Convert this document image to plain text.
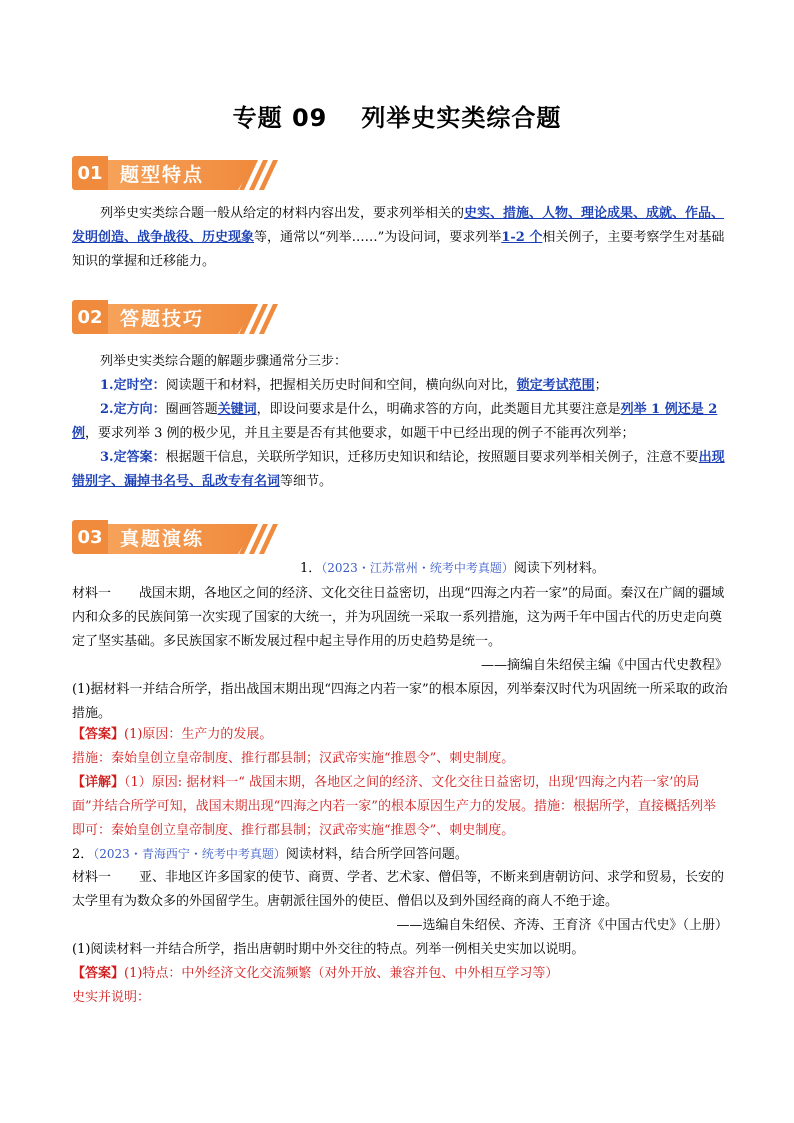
专题 09 列举史实类综合题
01 题型特点
列举史实类综合题一般从给定的材料内容出发，要求列举相关的史实、措施、人物、理论成果、成就、作品、发明创造、战争战役、历史现象等，通常以“列举……”为设问词，要求列举1-2 个相关例子，主要考察学生对基础知识的掌握和迁移能力。
02 答题技巧
列举史实类综合题的解题步骤通常分三步：
1.定时空：阅读题干和材料，把握相关历史时间和空间，横向纵向对比，锁定考试范围；
2.定方向：圈画答题关键词，即设问要求是什么，明确求答的方向，此类题目尤其要注意是列举 1 例还是 2 例，要求列举 3 例的极少见，并且主要是否有其他要求，如题干中已经出现的例子不能再次列举；
3.定答案：根据题干信息，关联所学知识，迁移历史知识和结论，按照题目要求列举相关例子，注意不要出现错别字、漏掉书名号、乱改专有名词等细节。
03 真题演练
1．（2023・江苏常州・统考中考真题）阅读下列材料。
材料一 战国末期，各地区之间的经济、文化交往日益密切，出现“四海之内若一家”的局面。秦汉在广阔的疆域内和众多的民族间第一次实现了国家的大统一，并为巩固统一采取一系列措施，这为两千年中国古代的历史走向奠定了坚实基础。多民族国家不断发展过程中起主导作用的历史趋势是统一。
——摘编自朱绍侯主编《中国古代史教程》
(1)据材料一并结合所学，指出战国末期出现“四海之内若一家”的根本原因，列举秦汉时代为巩固统一所采取的政治措施。
【答案】(1)原因：生产力的发展。
措施：秦始皇创立皇帝制度、推行郡县制；汉武帝实施“推恩令”、刺史制度。
【详解】（1）原因: 据材料一“ 战国末期，各地区之间的经济、文化交往日益密切，出现‘四海之内若一家’的局面”并结合所学可知，战国末期出现“四海之内若一家”的根本原因生产力的发展。措施：根据所学，直接概括列举即可：秦始皇创立皇帝制度、推行郡县制；汉武帝实施“推恩令”、刺史制度。
2．（2023・青海西宁・统考中考真题）阅读材料，结合所学回答问题。
材料一 亚、非地区许多国家的使节、商贾、学者、艺术家、僧侣等，不断来到唐朝访问、求学和贸易，长安的太学里有为数众多的外国留学生。唐朝派往国外的使臣、僧侣以及到外国经商的商人不绝于途。
——选编自朱绍侯、齐涛、王育济《中国古代史》（上册）
(1)阅读材料一并结合所学，指出唐朝时期中外交往的特点。列举一例相关史实加以说明。
【答案】(1)特点：中外经济文化交流频繁（对外开放、兼容并包、中外相互学习等）
史实并说明：
